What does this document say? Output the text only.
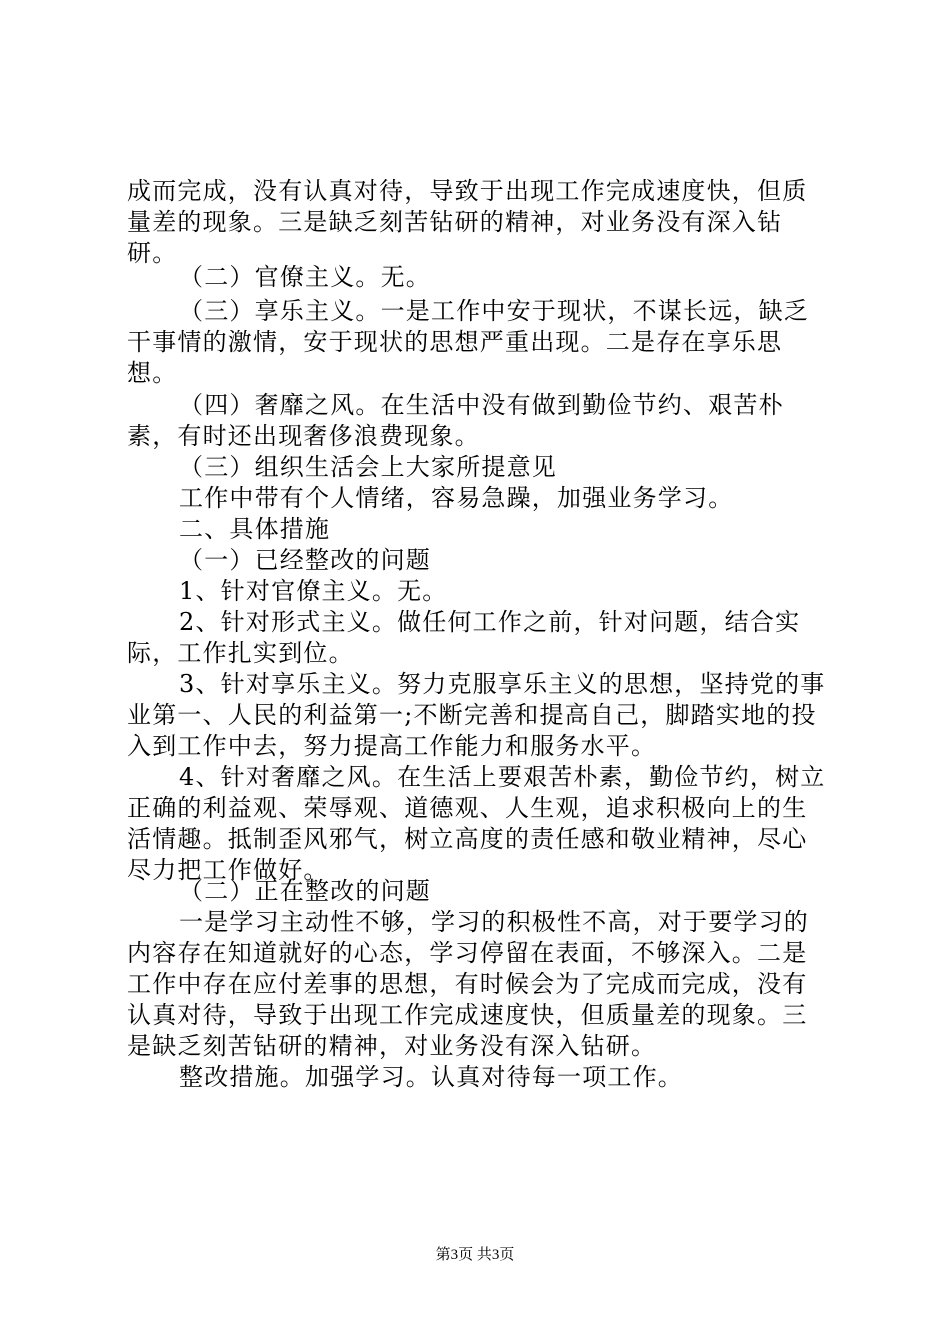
成而完成，没有认真对待，导致于出现工作完成速度快，但质量差的现象。三是缺乏刻苦钻研的精神，对业务没有深入钻研。

（二）官僚主义。无。

（三）享乐主义。一是工作中安于现状，不谋长远，缺乏干事情的激情，安于现状的思想严重出现。二是存在享乐思想。

（四）奢靡之风。在生活中没有做到勤俭节约、艰苦朴素，有时还出现奢侈浪费现象。

（三）组织生活会上大家所提意见

工作中带有个人情绪，容易急躁，加强业务学习。

二、具体措施

（一）已经整改的问题

1、针对官僚主义。无。

2、针对形式主义。做任何工作之前，针对问题，结合实际，工作扎实到位。

3、针对享乐主义。努力克服享乐主义的思想，坚持党的事业第一、人民的利益第一;不断完善和提高自己，脚踏实地的投入到工作中去，努力提高工作能力和服务水平。

4、针对奢靡之风。在生活上要艰苦朴素，勤俭节约，树立正确的利益观、荣辱观、道德观、人生观，追求积极向上的生活情趣。抵制歪风邪气，树立高度的责任感和敬业精神，尽心尽力把工作做好。

（二）正在整改的问题

一是学习主动性不够，学习的积极性不高，对于要学习的内容存在知道就好的心态，学习停留在表面，不够深入。二是工作中存在应付差事的思想，有时候会为了完成而完成，没有认真对待，导致于出现工作完成速度快，但质量差的现象。三是缺乏刻苦钻研的精神，对业务没有深入钻研。

整改措施。加强学习。认真对待每一项工作。

第3页 共3页
